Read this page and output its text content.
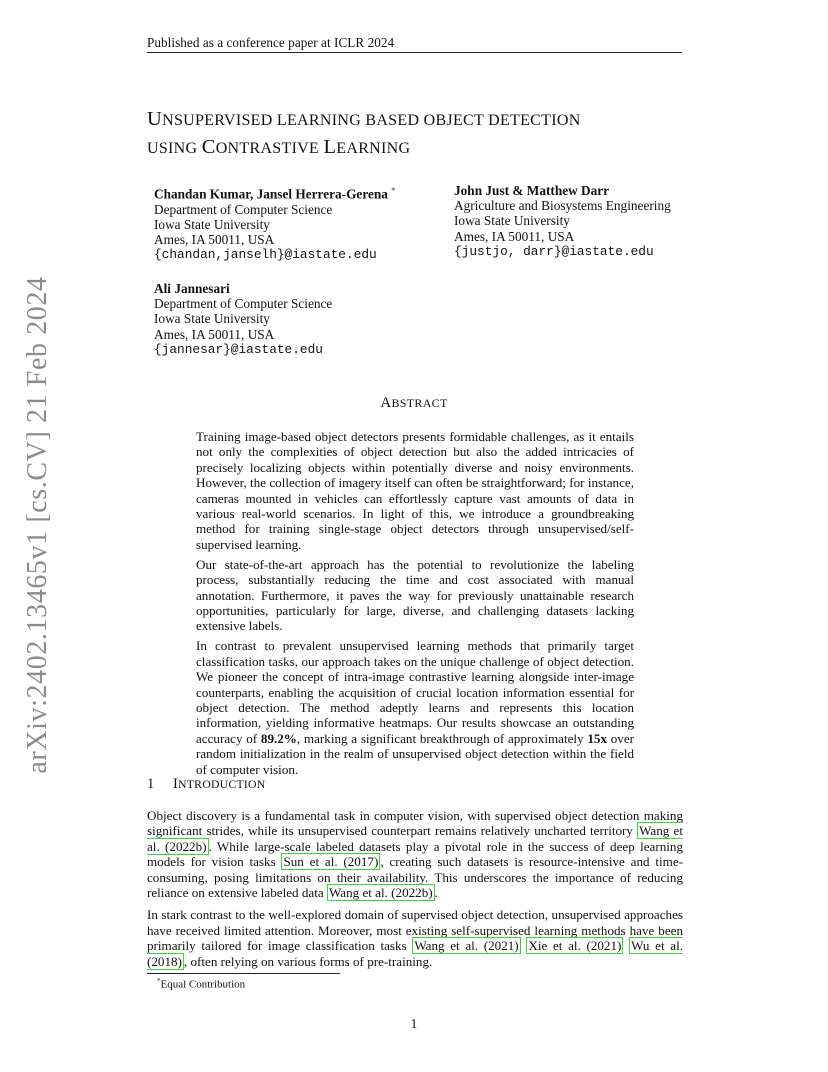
Published as a conference paper at ICLR 2024
UNSUPERVISED LEARNING BASED OBJECT DETECTION
USING CONTRASTIVE LEARNING
Chandan Kumar, Jansel Herrera-Gerena *
Department of Computer Science
Iowa State University
Ames, IA 50011, USA
{chandan,janselh}@iastate.edu
John Just & Matthew Darr
Agriculture and Biosystems Engineering
Iowa State University
Ames, IA 50011, USA
{justjo, darr}@iastate.edu
Ali Jannesari
Department of Computer Science
Iowa State University
Ames, IA 50011, USA
{jannesar}@iastate.edu
ABSTRACT

Training image-based object detectors presents formidable challenges, as it entails not only the complexities of object detection but also the added intricacies of precisely localizing objects within potentially diverse and noisy environments. However, the collection of imagery itself can often be straightforward; for instance, cameras mounted in vehicles can effortlessly capture vast amounts of data in various real-world scenarios. In light of this, we introduce a groundbreaking method for training single-stage object detectors through unsupervised/self-supervised learning.

Our state-of-the-art approach has the potential to revolutionize the labeling process, substantially reducing the time and cost associated with manual annotation. Furthermore, it paves the way for previously unattainable research opportunities, particularly for large, diverse, and challenging datasets lacking extensive labels.

In contrast to prevalent unsupervised learning methods that primarily target classification tasks, our approach takes on the unique challenge of object detection. We pioneer the concept of intra-image contrastive learning alongside inter-image counterparts, enabling the acquisition of crucial location information essential for object detection. The method adeptly learns and represents this location information, yielding informative heatmaps. Our results showcase an outstanding accuracy of 89.2%, marking a significant breakthrough of approximately 15x over random initialization in the realm of unsupervised object detection within the field of computer vision.

1 INTRODUCTION

Object discovery is a fundamental task in computer vision, with supervised object detection making significant strides, while its unsupervised counterpart remains relatively uncharted territory Wang et al. (2022b) . While large-scale labeled datasets play a pivotal role in the success of deep learning models for vision tasks Sun et al. (2017) , creating such datasets is resource-intensive and time-consuming, posing limitations on their availability. This underscores the importance of reducing reliance on extensive labeled data Wang et al. (2022b) .

In stark contrast to the well-explored domain of supervised object detection, unsupervised approaches have received limited attention. Moreover, most existing self-supervised learning methods have been primarily tailored for image classification tasks Wang et al. (2021) Xie et al. (2021) Wu et al. (2018) , often relying on various forms of pre-training.

*Equal Contribution
1
arXiv:2402.13465v1 [cs.CV] 21 Feb 2024
